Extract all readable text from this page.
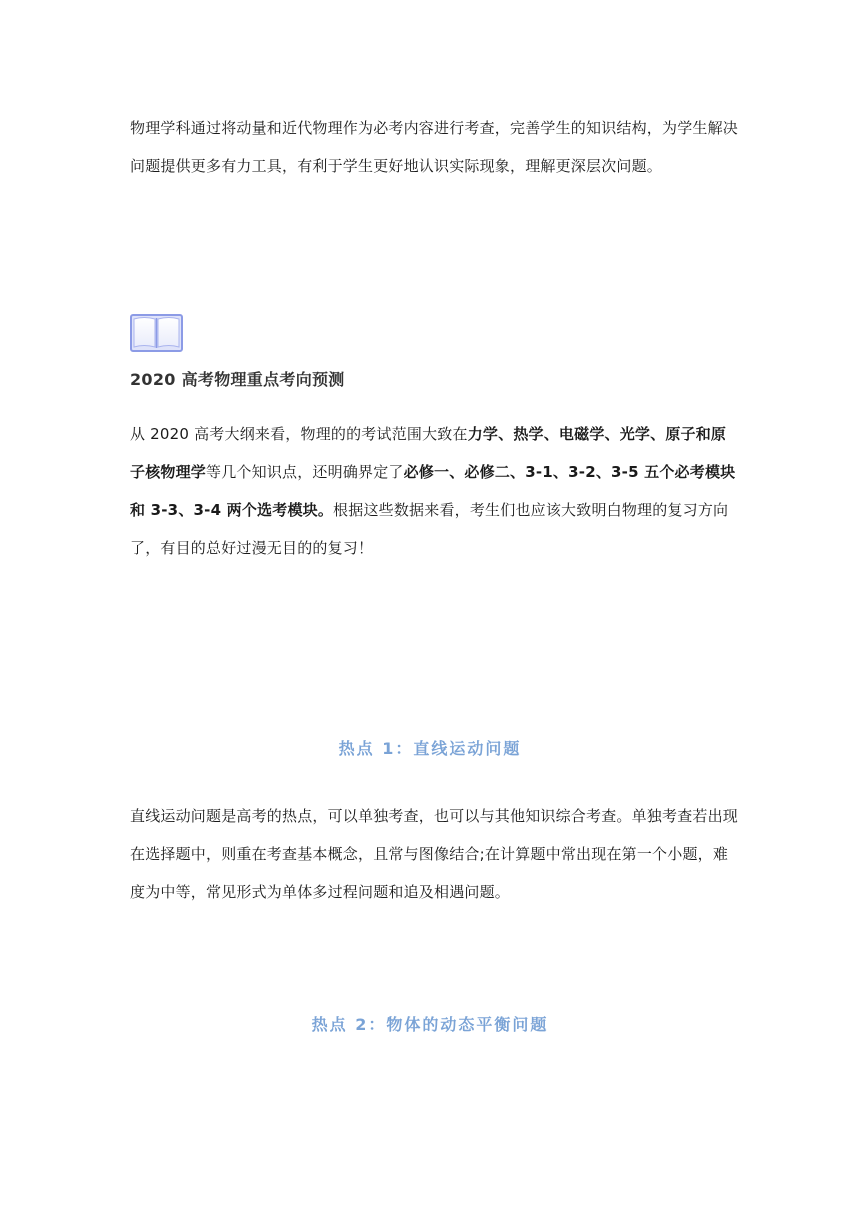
物理学科通过将动量和近代物理作为必考内容进行考查，完善学生的知识结构，为学生解决问题提供更多有力工具，有利于学生更好地认识实际现象，理解更深层次问题。

2020 高考物理重点考向预测

从 2020 高考大纲来看，物理的的考试范围大致在力学、热学、电磁学、光学、原子和原子核物理学等几个知识点，还明确界定了必修一、必修二、3-1、3-2、3-5 五个必考模块和 3-3、3-4 两个选考模块。根据这些数据来看，考生们也应该大致明白物理的复习方向了，有目的总好过漫无目的的复习！

热点 1：直线运动问题

直线运动问题是高考的热点，可以单独考查，也可以与其他知识综合考查。单独考查若出现在选择题中，则重在考查基本概念，且常与图像结合;在计算题中常出现在第一个小题，难度为中等，常见形式为单体多过程问题和追及相遇问题。

热点 2：物体的动态平衡问题
